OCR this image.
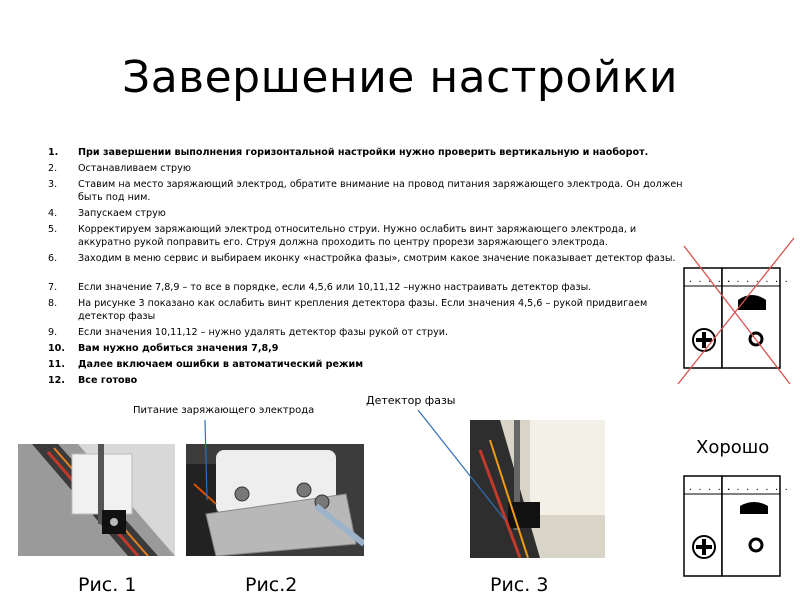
Завершение настройки
1.	При завершении выполнения горизонтальной настройки нужно проверить вертикальную и наоборот.
2.	Останавливаем струю
3.	Ставим на место заряжающий электрод, обратите внимание на провод питания заряжающего электрода. Он должен быть под ним.
4.	Запускаем струю
5.	Корректируем заряжающий электрод относительно струи. Нужно ослабить винт заряжающего электрода, и аккуратно рукой поправить его. Струя должна проходить по центру прорези заряжающего электрода.
6.	Заходим в меню сервис и выбираем иконку «настройка фазы», смотрим какое значение показывает детектор фазы.
7.	Если значение 7,8,9 – то все в порядке, если 4,5,6 или 10,11,12 –нужно настраивать детектор фазы.
8.	На рисунке 3 показано как ослабить винт крепления детектора фазы. Если значения 4,5,6 – рукой придвигаем детектор фазы
9.	Если значения 10,11,12 – нужно удалять детектор фазы рукой от струи.
10.	Вам нужно добиться значения 7,8,9
11.	Далее включаем ошибки в автоматический режим
12.	Все готово
· · · · ·
· · · · · · ·
Хорошо
· · · · ·
· · · · · · ·
Питание заряжающего электрода
Детектор фазы
Рис. 1	Рис.2	Рис. 3
